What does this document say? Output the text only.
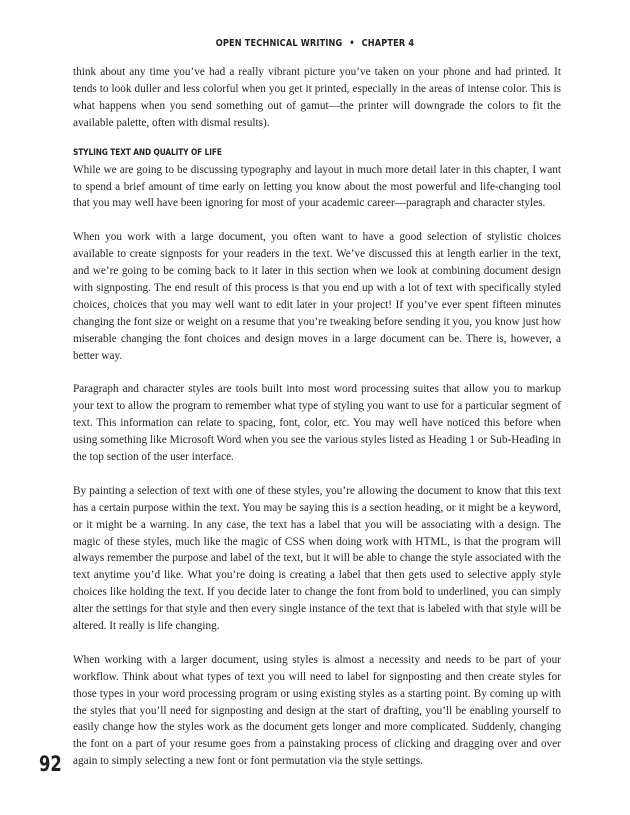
OPEN TECHNICAL WRITING • CHAPTER 4

think about any time you’ve had a really vibrant picture you’ve taken on your phone and had printed. It tends to look duller and less colorful when you get it printed, especially in the areas of intense color. This is what happens when you send something out of gamut—the printer will downgrade the colors to fit the available palette, often with dismal results).

STYLING TEXT AND QUALITY OF LIFE

While we are going to be discussing typography and layout in much more detail later in this chapter, I want to spend a brief amount of time early on letting you know about the most powerful and life-changing tool that you may well have been ignoring for most of your academic career—paragraph and character styles.

When you work with a large document, you often want to have a good selection of stylistic choices available to create signposts for your readers in the text. We’ve discussed this at length earlier in the text, and we’re going to be coming back to it later in this section when we look at combining document design with signposting. The end result of this process is that you end up with a lot of text with specifically styled choices, choices that you may well want to edit later in your project! If you’ve ever spent fifteen minutes changing the font size or weight on a resume that you’re tweaking before sending it you, you know just how miserable changing the font choices and design moves in a large document can be. There is, however, a better way.

Paragraph and character styles are tools built into most word processing suites that allow you to markup your text to allow the program to remember what type of styling you want to use for a particular segment of text. This information can relate to spacing, font, color, etc. You may well have noticed this before when using something like Microsoft Word when you see the various styles listed as Heading 1 or Sub-Heading in the top section of the user interface.

By painting a selection of text with one of these styles, you’re allowing the document to know that this text has a certain purpose within the text. You may be saying this is a section heading, or it might be a keyword, or it might be a warning. In any case, the text has a label that you will be associating with a design. The magic of these styles, much like the magic of CSS when doing work with HTML, is that the program will always remember the purpose and label of the text, but it will be able to change the style associated with the text anytime you’d like. What you’re doing is creating a label that then gets used to selective apply style choices like holding the text. If you decide later to change the font from bold to underlined, you can simply alter the settings for that style and then every single instance of the text that is labeled with that style will be altered. It really is life changing.

When working with a larger document, using styles is almost a necessity and needs to be part of your workflow. Think about what types of text you will need to label for signposting and then create styles for those types in your word processing program or using existing styles as a starting point. By coming up with the styles that you’ll need for signposting and design at the start of drafting, you’ll be enabling yourself to easily change how the styles work as the document gets longer and more complicated. Suddenly, changing the font on a part of your resume goes from a painstaking process of clicking and dragging over and over again to simply selecting a new font or font permutation via the style settings.

92
